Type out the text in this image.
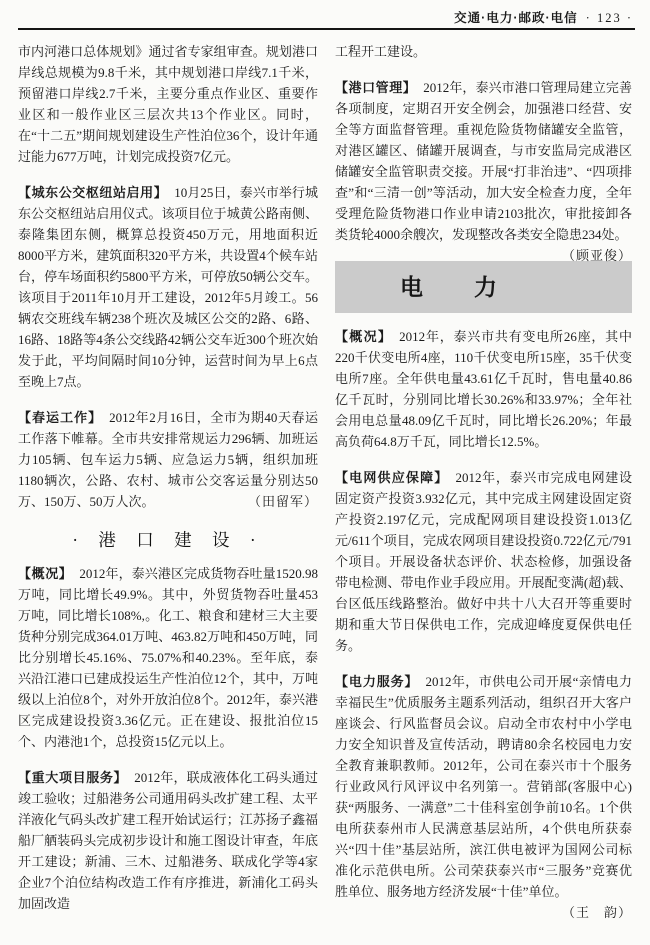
交通·电力·邮政·电信 · 123 ·

市内河港口总体规划》通过省专家组审查。规划港口岸线总规模为9.8千米，其中规划港口岸线7.1千米，预留港口岸线2.7千米，主要分重点作业区、重要作业区和一般作业区三层次共13个作业区。同时，在“十二五”期间规划建设生产性泊位36个，设计年通过能力677万吨，计划完成投资7亿元。

【城东公交枢纽站启用】 10月25日，泰兴市举行城东公交枢纽站启用仪式。该项目位于城黄公路南侧、泰隆集团东侧，概算总投资450万元，用地面积近8000平方米，建筑面积320平方米，共设置4个候车站台，停车场面积约5800平方米，可停放50辆公交车。该项目于2011年10月开工建设，2012年5月竣工。56辆农交班线车辆238个班次及城区公交的2路、6路、16路、18路等4条公交线路42辆公交车近300个班次始发于此，平均间隔时间10分钟，运营时间为早上6点至晚上7点。

【春运工作】 2012年2月16日，全市为期40天春运工作落下帷幕。全市共安排常规运力296辆、加班运力105辆、包车运力5辆、应急运力5辆，组织加班1180辆次，公路、农村、城市公交客运量分别达50万、150万、50万人次。	（田留军）

· 港 口 建 设 ·

【概况】 2012年，泰兴港区完成货物吞吐量1520.98万吨，同比增长49.9%。其中，外贸货物吞吐量453万吨，同比增长108%,。化工、粮食和建材三大主要货种分别完成364.01万吨、463.82万吨和450万吨，同比分别增长45.16%、75.07%和40.23%。至年底，泰兴沿江港口已建成投运生产性泊位12个，其中，万吨级以上泊位8个，对外开放泊位8个。2012年，泰兴港区完成建设投资3.36亿元。正在建设、报批泊位15个、内港池1个，总投资15亿元以上。

【重大项目服务】 2012年，联成液体化工码头通过竣工验收；过船港务公司通用码头改扩建工程、太平洋液化气码头改扩建工程开始试运行；江苏扬子鑫福船厂舾装码头完成初步设计和施工图设计审查，年底开工建设；新浦、三木、过船港务、联成化学等4家企业7个泊位结构改造工作有序推进，新浦化工码头加固改造

工程开工建设。

【港口管理】 2012年，泰兴市港口管理局建立完善各项制度，定期召开安全例会，加强港口经营、安全等方面监督管理。重视危险货物储罐安全监管，对港区罐区、储罐开展调查，与市安监局完成港区储罐安全监管职责交接。开展“打非治违”、“四项排查”和“三清一创”等活动，加大安全检查力度，全年受理危险货物港口作业申请2103批次，审批接卸各类货轮4000余艘次，发现整改各类安全隐患234处。
（顾亚俊）

电　力

【概况】 2012年，泰兴市共有变电所26座，其中220千伏变电所4座，110千伏变电所15座，35千伏变电所7座。全年供电量43.61亿千瓦时，售电量40.86亿千瓦时，分别同比增长30.26%和33.97%；全年社会用电总量48.09亿千瓦时，同比增长26.20%；年最高负荷64.8万千瓦，同比增长12.5%。

【电网供应保障】 2012年，泰兴市完成电网建设固定资产投资3.932亿元，其中完成主网建设固定资产投资2.197亿元，完成配网项目建设投资1.013亿元/611个项目，完成农网项目建设投资0.722亿元/791个项目。开展设备状态评价、状态检修，加强设备带电检测、带电作业手段应用。开展配变满(超)载、台区低压线路整治。做好中共十八大召开等重要时期和重大节日保供电工作，完成迎峰度夏保供电任务。

【电力服务】 2012年，市供电公司开展“亲情电力　幸福民生”优质服务主题系列活动，组织召开大客户座谈会、行风监督员会议。启动全市农村中小学电力安全知识普及宣传活动，聘请80余名校园电力安全教育兼职教师。2012年，公司在泰兴市十个服务行业政风行风评议中名列第一。营销部(客服中心)获“两服务、一满意”二十佳科室创争前10名。1个供电所获泰州市人民满意基层站所，4个供电所获泰兴“四十佳”基层站所，滨江供电被评为国网公司标准化示范供电所。公司荣获泰兴市“三服务”竞赛优胜单位、服务地方经济发展“十佳”单位。
（王　韵）
